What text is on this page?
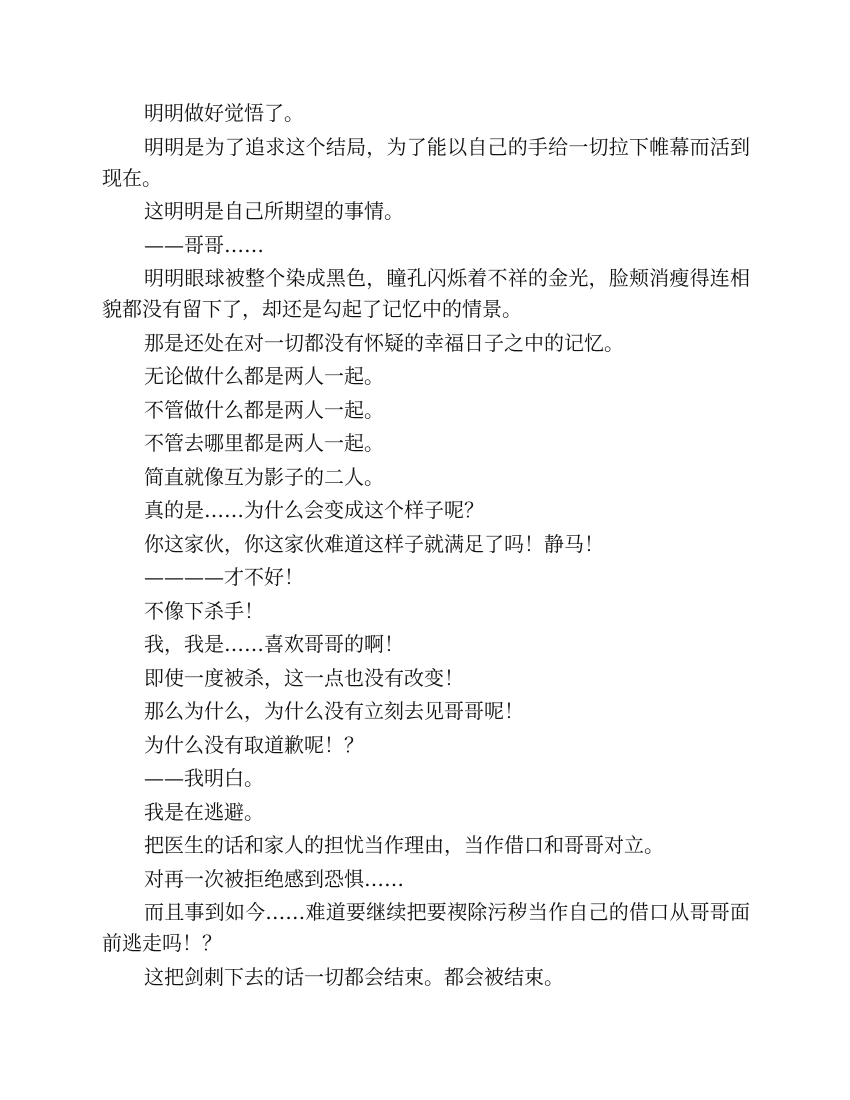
明明做好觉悟了。

明明是为了追求这个结局，为了能以自己的手给一切拉下帷幕而活到现在。

这明明是自己所期望的事情。

——哥哥……

明明眼球被整个染成黑色，瞳孔闪烁着不祥的金光，脸颊消瘦得连相貌都没有留下了，却还是勾起了记忆中的情景。

那是还处在对一切都没有怀疑的幸福日子之中的记忆。

无论做什么都是两人一起。

不管做什么都是两人一起。

不管去哪里都是两人一起。

简直就像互为影子的二人。

真的是……为什么会变成这个样子呢？

你这家伙，你这家伙难道这样子就满足了吗！静马！

————才不好！

不像下杀手！

我，我是……喜欢哥哥的啊！

即使一度被杀，这一点也没有改变！

那么为什么，为什么没有立刻去见哥哥呢！

为什么没有取道歉呢！？

——我明白。

我是在逃避。

把医生的话和家人的担忧当作理由，当作借口和哥哥对立。

对再一次被拒绝感到恐惧……

而且事到如今……难道要继续把要禊除污秽当作自己的借口从哥哥面前逃走吗！？

这把剑刺下去的话一切都会结束。都会被结束。
